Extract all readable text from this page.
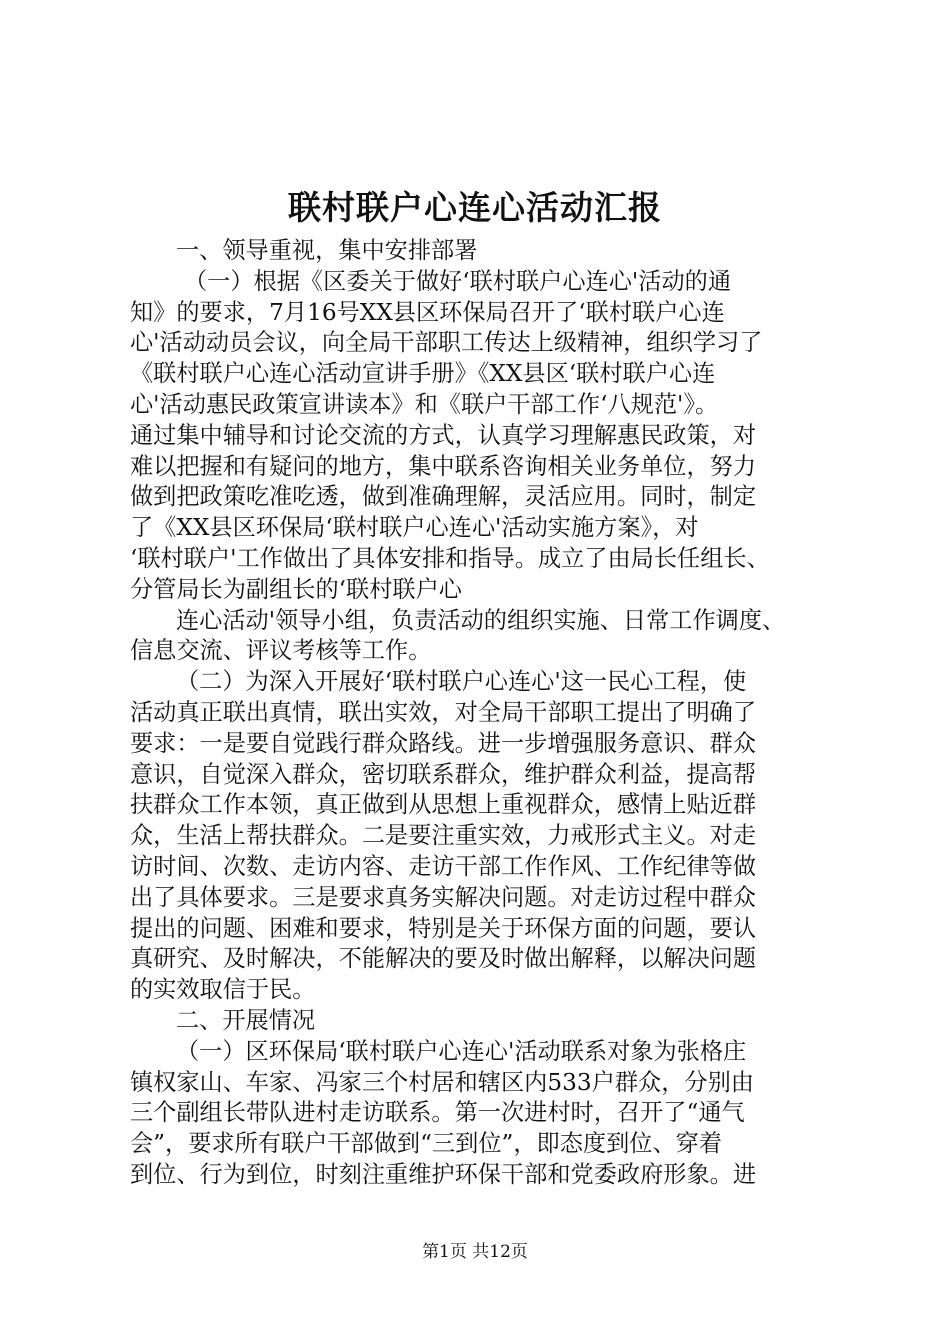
联村联户心连心活动汇报
一、领导重视，集中安排部署
（一）根据《区委关于做好‘联村联户心连心'活动的通
知》的要求，7月16号XX县区环保局召开了‘联村联户心连
心'活动动员会议，向全局干部职工传达上级精神，组织学习了
《联村联户心连心活动宣讲手册》《XX县区‘联村联户心连
心'活动惠民政策宣讲读本》和《联户干部工作‘八规范'》。
通过集中辅导和讨论交流的方式，认真学习理解惠民政策，对
难以把握和有疑问的地方，集中联系咨询相关业务单位，努力
做到把政策吃准吃透，做到准确理解，灵活应用。同时，制定
了《XX县区环保局‘联村联户心连心'活动实施方案》，对
‘联村联户'工作做出了具体安排和指导。成立了由局长任组长、
分管局长为副组长的‘联村联户心
连心活动'领导小组，负责活动的组织实施、日常工作调度、
信息交流、评议考核等工作。
（二）为深入开展好‘联村联户心连心'这一民心工程，使
活动真正联出真情，联出实效，对全局干部职工提出了明确了
要求：一是要自觉践行群众路线。进一步增强服务意识、群众
意识，自觉深入群众，密切联系群众，维护群众利益，提高帮
扶群众工作本领，真正做到从思想上重视群众，感情上贴近群
众，生活上帮扶群众。二是要注重实效，力戒形式主义。对走
访时间、次数、走访内容、走访干部工作作风、工作纪律等做
出了具体要求。三是要求真务实解决问题。对走访过程中群众
提出的问题、困难和要求，特别是关于环保方面的问题，要认
真研究、及时解决，不能解决的要及时做出解释，以解决问题
的实效取信于民。
二、开展情况
（一）区环保局‘联村联户心连心'活动联系对象为张格庄
镇权家山、车家、冯家三个村居和辖区内533户群众，分别由
三个副组长带队进村走访联系。第一次进村时，召开了“通气
会”，要求所有联户干部做到“三到位”，即态度到位、穿着
到位、行为到位，时刻注重维护环保干部和党委政府形象。进
第1页 共12页
